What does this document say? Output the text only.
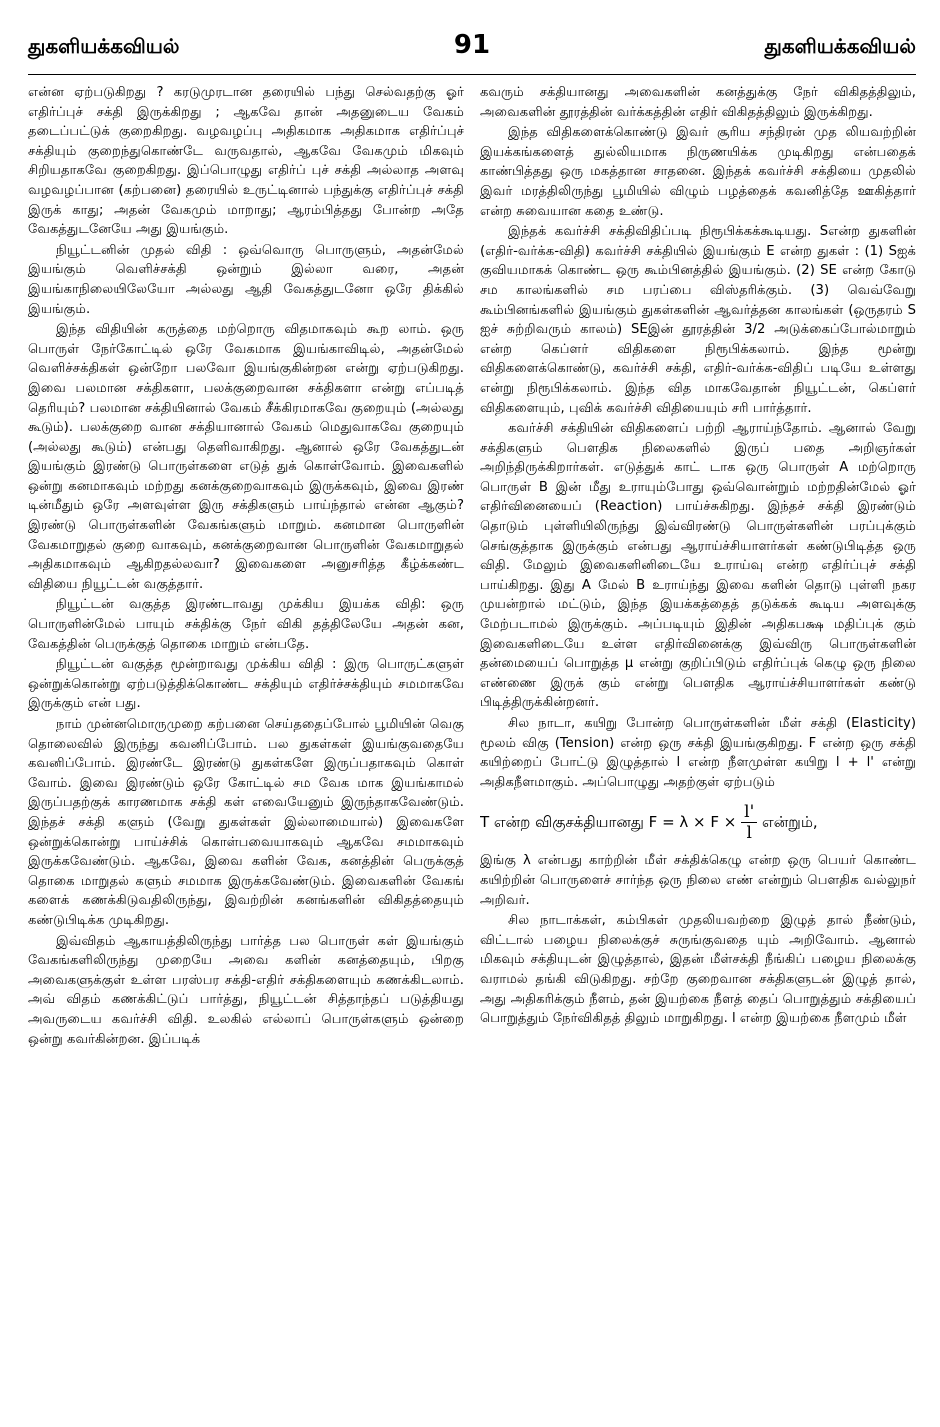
துகளியக்கவியல்	91	துகளியக்கவியல்

என்ன ஏற்படுகிறது ? கரடுமுரடான தரையில் பந்து செல்வதற்கு ஓர் எதிர்ப்புச் சக்தி இருக்கிறது ; ஆகவே தான் அதனுடைய வேகம் தடைப்பட்டுக் குறைகிறது. வழவழப்பு அதிகமாக அதிகமாக எதிர்ப்புச் சக்தியும் குறைந்துகொண்டே வருவதால், ஆகவே வேகமும் மிகவும் சிறியதாகவே குறைகிறது. இப்பொழுது எதிர்ப் புச் சக்தி அல்லாத அளவு வழவழப்பான (கற்பனை) தரையில் உருட்டினால் பந்துக்கு எதிர்ப்புச் சக்தி இருக் காது; அதன் வேகமும் மாறாது; ஆரம்பித்தது போன்ற அதே வேகத்துடனேயே அது இயங்கும்.

நியூட்டனின் முதல் விதி : ஒவ்வொரு பொருளும், அதன்மேல் இயங்கும் வெளிச்சக்தி ஒன்றும் இல்லா வரை, அதன் இயங்காநிலையிலேயோ அல்லது ஆதி வேகத்துடனோ ஒரே திக்கில் இயங்கும்.

இந்த விதியின் கருத்தை மற்றொரு விதமாகவும் கூற லாம். ஒரு பொருள் நேர்கோட்டில் ஒரே வேகமாக இயங்காவிடில், அதன்மேல் வெளிச்சக்திகள் ஒன்றோ பலவோ இயங்குகின்றன என்று ஏற்படுகிறது. இவை பலமான சக்திகளா, பலக்குறைவான சக்திகளா என்று எப்படித் தெரியும்? பலமான சக்தியினால் வேகம் சீக்கிரமாகவே குறையும் (அல்லது கூடும்). பலக்குறை வான சக்தியானால் வேகம் மெதுவாகவே குறையும் (அல்லது கூடும்) என்பது தெளிவாகிறது. ஆனால் ஒரே வேகத்துடன் இயங்கும் இரண்டு பொருள்களை எடுத் துக் கொள்வோம். இவைகளில் ஒன்று கனமாகவும் மற்றது கனக்குறைவாகவும் இருக்கவும், இவை இரண் டின்மீதும் ஒரே அளவுள்ள இரு சக்திகளும் பாய்ந்தால் என்ன ஆகும்? இரண்டு பொருள்களின் வேகங்களும் மாறும். கனமான பொருளின் வேகமாறுதல் குறை வாகவும், கனக்குறைவான பொருளின் வேகமாறுதல் அதிகமாகவும் ஆகிறதல்லவா? இவைகளை அனுசரித்த கீழ்க்கண்ட விதியை நியூட்டன் வகுத்தார்.

நியூட்டன் வகுத்த இரண்டாவது முக்கிய இயக்க விதி: ஒரு பொருளின்மேல் பாயும் சக்திக்கு நேர் விகி தத்திலேயே அதன் கன, வேகத்தின் பெருக்குத் தொகை மாறும் என்பதே.

நியூட்டன் வகுத்த மூன்றாவது முக்கிய விதி : இரு பொருட்களுள் ஒன்றுக்கொன்று ஏற்படுத்திக்கொண்ட சக்தியும் எதிர்ச்சக்தியும் சமமாகவே இருக்கும் என் பது.

நாம் முன்னமொருமுறை கற்பனை செய்ததைப்போல் பூமியின் வெகு தொலைவில் இருந்து கவனிப்போம். பல துகள்கள் இயங்குவதையே கவனிப்போம். இரண்டே இரண்டு துகள்களே இருப்பதாகவும் கொள் வோம். இவை இரண்டும் ஒரே கோட்டில் சம வேக மாக இயங்காமல் இருப்பதற்குக் காரணமாக சக்தி கள் எவையேனும் இருந்தாகவேண்டும். இந்தச் சக்தி களும் (வேறு துகள்கள் இல்லாமையால்) இவைகளே ஒன்றுக்கொன்று பாய்ச்சிக் கொள்பவையாகவும் ஆகவே சமமாகவும் இருக்கவேண்டும். ஆகவே, இவை களின் வேக, கனத்தின் பெருக்குத் தொகை மாறுதல் களும் சமமாக இருக்கவேண்டும். இவைகளின் வேகங் களைக் கணக்கிடுவதிலிருந்து, இவற்றின் கனங்களின் விகிதத்தையும் கண்டுபிடிக்க முடிகிறது.

இவ்விதம் ஆகாயத்திலிருந்து பார்த்த பல பொருள் கள் இயங்கும் வேகங்களிலிருந்து முறையே அவை களின் கனத்தையும், பிறகு அவைகளுக்குள் உள்ள பரஸ்பர சக்தி-எதிர் சக்திகளையும் கணக்கிடலாம். அவ் விதம் கணக்கிட்டுப் பார்த்து, நியூட்டன் சித்தாந்தப் படுத்தியது அவருடைய கவர்ச்சி விதி. உலகில் எல்லாப் பொருள்களும் ஒன்றை ஒன்று கவர்கின்றன. இப்படிக்

கவரும் சக்தியானது அவைகளின் கனத்துக்கு நேர் விகிதத்திலும், அவைகளின் தூரத்தின் வர்க்கத்தின் எதிர் விகிதத்திலும் இருக்கிறது.

இந்த விதிகளைக்கொண்டு இவர் சூரிய சந்திரன் முத லியவற்றின் இயக்கங்களைத் துல்லியமாக நிருணயிக்க முடிகிறது என்பதைக் காண்பித்தது ஒரு மகத்தான சாதனை. இந்தக் கவர்ச்சி சக்தியை முதலில் இவர் மரத்திலிருந்து பூமியில் விழும் பழத்தைக் கவனித்தே ஊகித்தார் என்ற சுவையான கதை உண்டு.

இந்தக் கவர்ச்சி சக்திவிதிப்படி நிரூபிக்கக்கூடியது. Sஎன்ற துகளின் (எதிர்-வர்க்க-விதி) கவர்ச்சி சக்தியில் இயங்கும் E என்ற துகள் : (1) Sஐக் குவியமாகக் கொண்ட ஒரு கூம்பினத்தில் இயங்கும். (2) SE என்ற கோடு சம காலங்களில் சம பரப்பை விஸ்தரிக்கும். (3) வெவ்வேறு கூம்பினங்களில் இயங்கும் துகள்களின் ஆவர்த்தன காலங்கள் (ஒருதரம் S ஐச் சுற்றிவரும் காலம்) SEஇன் தூரத்தின் 3/2 அடுக்கைப்போல்மாறும் என்ற கெப்ளர் விதிகளை நிரூபிக்கலாம். இந்த மூன்று விதிகளைக்கொண்டு, கவர்ச்சி சக்தி, எதிர்-வர்க்க-விதிப் படியே உள்ளது என்று நிரூபிக்கலாம். இந்த வித மாகவேதான் நியூட்டன், கெப்ளர் விதிகளையும், புவிக் கவர்ச்சி விதியையும் சரி பார்த்தார்.

கவர்ச்சி சக்தியின் விதிகளைப் பற்றி ஆராய்ந்தோம். ஆனால் வேறு சக்திகளும் பௌதிக நிலைகளில் இருப் பதை அறிஞர்கள் அறிந்திருக்கிறார்கள். எடுத்துக் காட் டாக ஒரு பொருள் A மற்றொரு பொருள் B இன் மீது உராயும்போது ஒவ்வொன்றும் மற்றதின்மேல் ஓர் எதிர்வினையைப் (Reaction) பாய்ச்சுகிறது. இந்தச் சக்தி இரண்டும் தொடும் புள்ளியிலிருந்து இவ்விரண்டு பொருள்களின் பரப்புக்கும் செங்குத்தாக இருக்கும் என்பது ஆராய்ச்சியாளர்கள் கண்டுபிடித்த ஒரு விதி. மேலும் இவைகளினிடையே உராய்வு என்ற எதிர்ப்புச் சக்தி பாய்கிறது. இது A மேல் B உராய்ந்து இவை களின் தொடு புள்ளி நகர முயன்றால் மட்டும், இந்த இயக்கத்தைத் தடுக்கக் கூடிய அளவுக்கு மேற்படாமல் இருக்கும். அப்படியும் இதின் அதிகபக்ஷ மதிப்புக் கும் இவைகளிடையே உள்ள எதிர்வினைக்கு இவ்விரு பொருள்களின் தன்மையைப் பொறுத்த μ என்று குறிப்பிடும் எதிர்ப்புக் கெழு ஒரு நிலை எண்ணை இருக் கும் என்று பௌதிக ஆராய்ச்சியாளர்கள் கண்டு பிடித்திருக்கின்றனர்.

சில நாடா, கயிறு போன்ற பொருள்களின் மீள் சக்தி (Elasticity) மூலம் விகு (Tension) என்ற ஒரு சக்தி இயங்குகிறது. F என்ற ஒரு சக்தி கயிற்றைப் போட்டு இழுத்தால் l என்ற நீளமுள்ள கயிறு l + l' என்று அதிகநீளமாகும். அப்பொழுது அதற்குள் ஏற்படும்

T என்ற விகுசக்தியானது $F = \lambda \times F \times \frac{l'}{l}$ என்றும்,

இங்கு λ என்பது காற்றின் மீள் சக்திக்கெழு என்ற ஒரு பெயர் கொண்ட கயிற்றின் பொருளைச் சார்ந்த ஒரு நிலை எண் என்றும் பௌதிக வல்லுநர் அறிவர்.

சில நாடாக்கள், கம்பிகள் முதலியவற்றை இழுத் தால் நீண்டும், விட்டால் பழைய நிலைக்குச் சுருங்குவதை யும் அறிவோம். ஆனால் மிகவும் சக்தியுடன் இழுத்தால், இதன் மீள்சக்தி நீங்கிப் பழைய நிலைக்கு வராமல் தங்கி விடுகிறது. சற்றே குறைவான சக்திகளுடன் இழுத் தால், அது அதிகரிக்கும் நீளம், தன் இயற்கை நீளத் தைப் பொறுத்தும் சக்தியைப் பொறுத்தும் நேர்விகிதத் திலும் மாறுகிறது. l என்ற இயற்கை நீளமும் மீள்
